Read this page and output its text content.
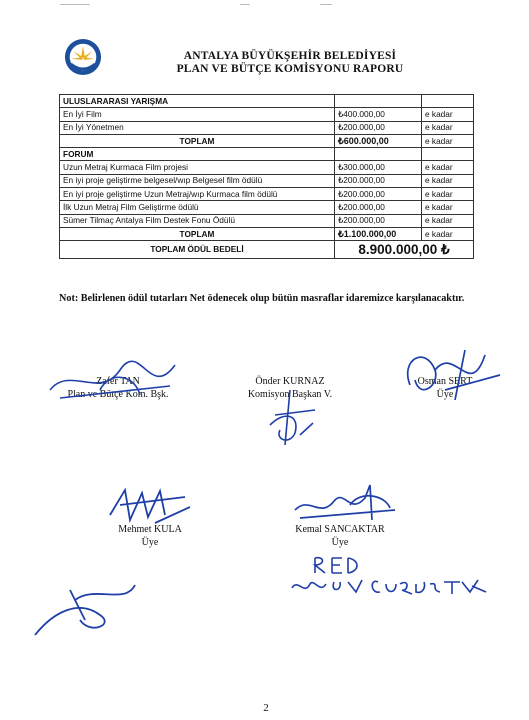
ANTALYA BÜYÜKŞEHİR BELEDİYESİ
PLAN VE BÜTÇE KOMİSYONU RAPORU
ULUSLARARASI YARIŞMA		
En İyi Film	₺400.000,00	e kadar
En İyi Yönetmen	₺200.000,00	e kadar
TOPLAM	₺600.000,00	e kadar
FORUM		
Uzun Metraj Kurmaca Film projesi	₺300.000,00	e kadar
En iyi proje geliştirme belgesel/wıp Belgesel film ödülü	₺200.000,00	e kadar
En iyi proje geliştirme Uzun Metraj/wıp Kurmaca film ödülü	₺200.000,00	e kadar
İlk Uzun Metraj Film Geliştirme ödülü	₺200.000,00	e kadar
Sümer Tilmaç Antalya Film Destek Fonu Ödülü	₺200.000,00	e kadar
TOPLAM	₺1.100.000,00	e kadar
TOPLAM ÖDÜL BEDELİ	8.900.000,00 ₺	
Not: Belirlenen ödül tutarları Net ödenecek olup bütün masraflar idaremizce karşılanacaktır.
Zafer TAN
Plan ve Bütçe Kom. Bşk.
Önder KURNAZ
Komisyon Başkan V.
Osman SERT
Üye
Mehmet KULA
Üye
Kemal SANCAKTAR
Üye
2
